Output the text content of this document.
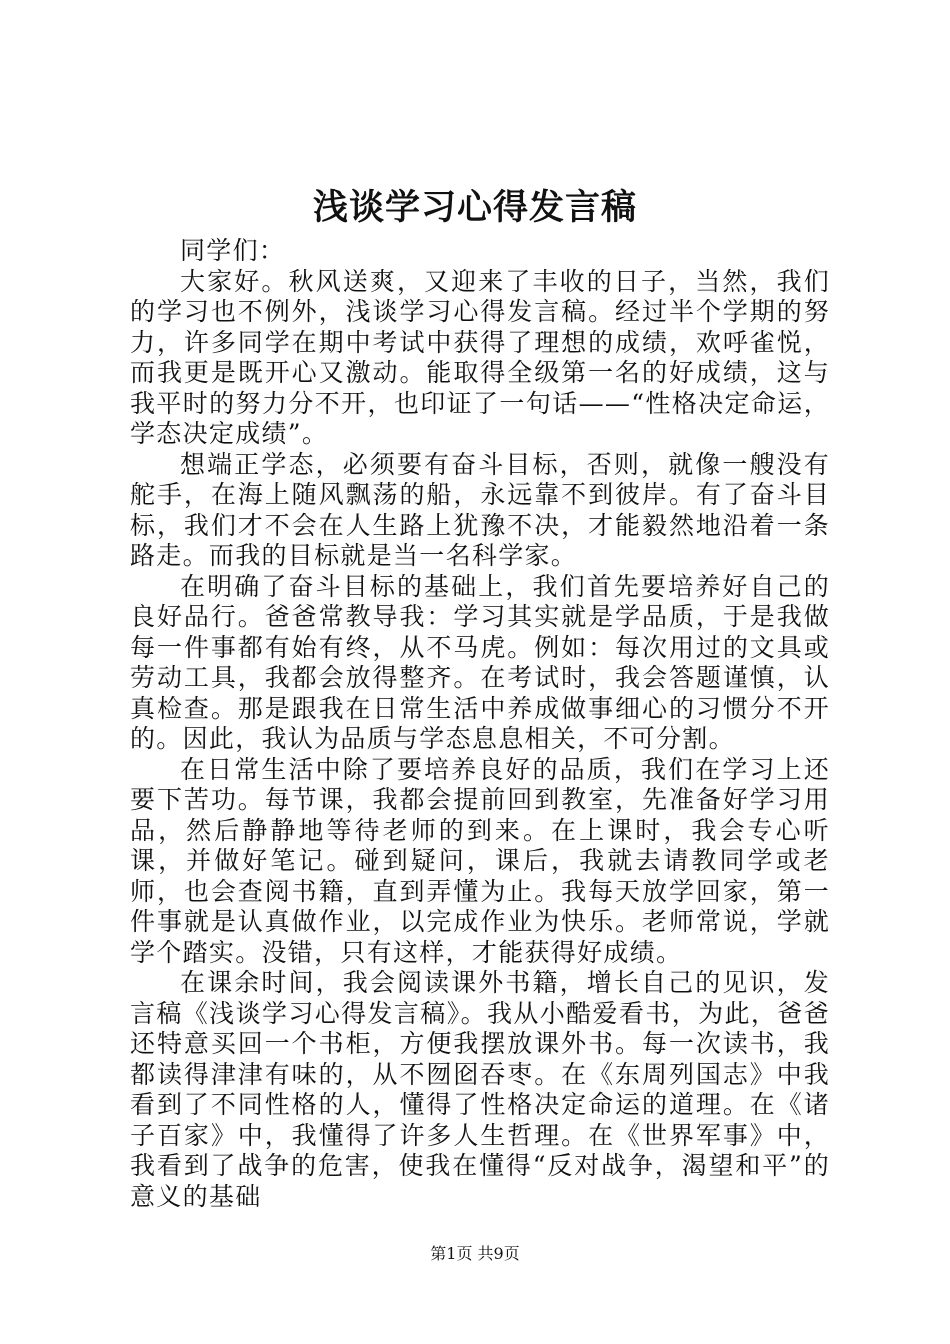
浅谈学习心得发言稿

同学们：

大家好。秋风送爽，又迎来了丰收的日子，当然，我们的学习也不例外，浅谈学习心得发言稿。经过半个学期的努力，许多同学在期中考试中获得了理想的成绩，欢呼雀悦，而我更是既开心又激动。能取得全级第一名的好成绩，这与我平时的努力分不开，也印证了一句话——“性格决定命运，学态决定成绩”。

想端正学态，必须要有奋斗目标，否则，就像一艘没有舵手，在海上随风飘荡的船，永远靠不到彼岸。有了奋斗目标，我们才不会在人生路上犹豫不决，才能毅然地沿着一条路走。而我的目标就是当一名科学家。

在明确了奋斗目标的基础上，我们首先要培养好自己的良好品行。爸爸常教导我：学习其实就是学品质，于是我做每一件事都有始有终，从不马虎。例如：每次用过的文具或劳动工具，我都会放得整齐。在考试时，我会答题谨慎，认真检查。那是跟我在日常生活中养成做事细心的习惯分不开的。因此，我认为品质与学态息息相关，不可分割。

在日常生活中除了要培养良好的品质，我们在学习上还要下苦功。每节课，我都会提前回到教室，先准备好学习用品，然后静静地等待老师的到来。在上课时，我会专心听课，并做好笔记。碰到疑问，课后，我就去请教同学或老师，也会查阅书籍，直到弄懂为止。我每天放学回家，第一件事就是认真做作业，以完成作业为快乐。老师常说，学就学个踏实。没错，只有这样，才能获得好成绩。

在课余时间，我会阅读课外书籍，增长自己的见识，发言稿《浅谈学习心得发言稿》。我从小酷爱看书，为此，爸爸还特意买回一个书柜，方便我摆放课外书。每一次读书，我都读得津津有味的，从不囫囵吞枣。在《东周列国志》中我看到了不同性格的人，懂得了性格决定命运的道理。在《诸子百家》中，我懂得了许多人生哲理。在《世界军事》中，我看到了战争的危害，使我在懂得“反对战争，渴望和平”的意义的基础

第1页 共9页
